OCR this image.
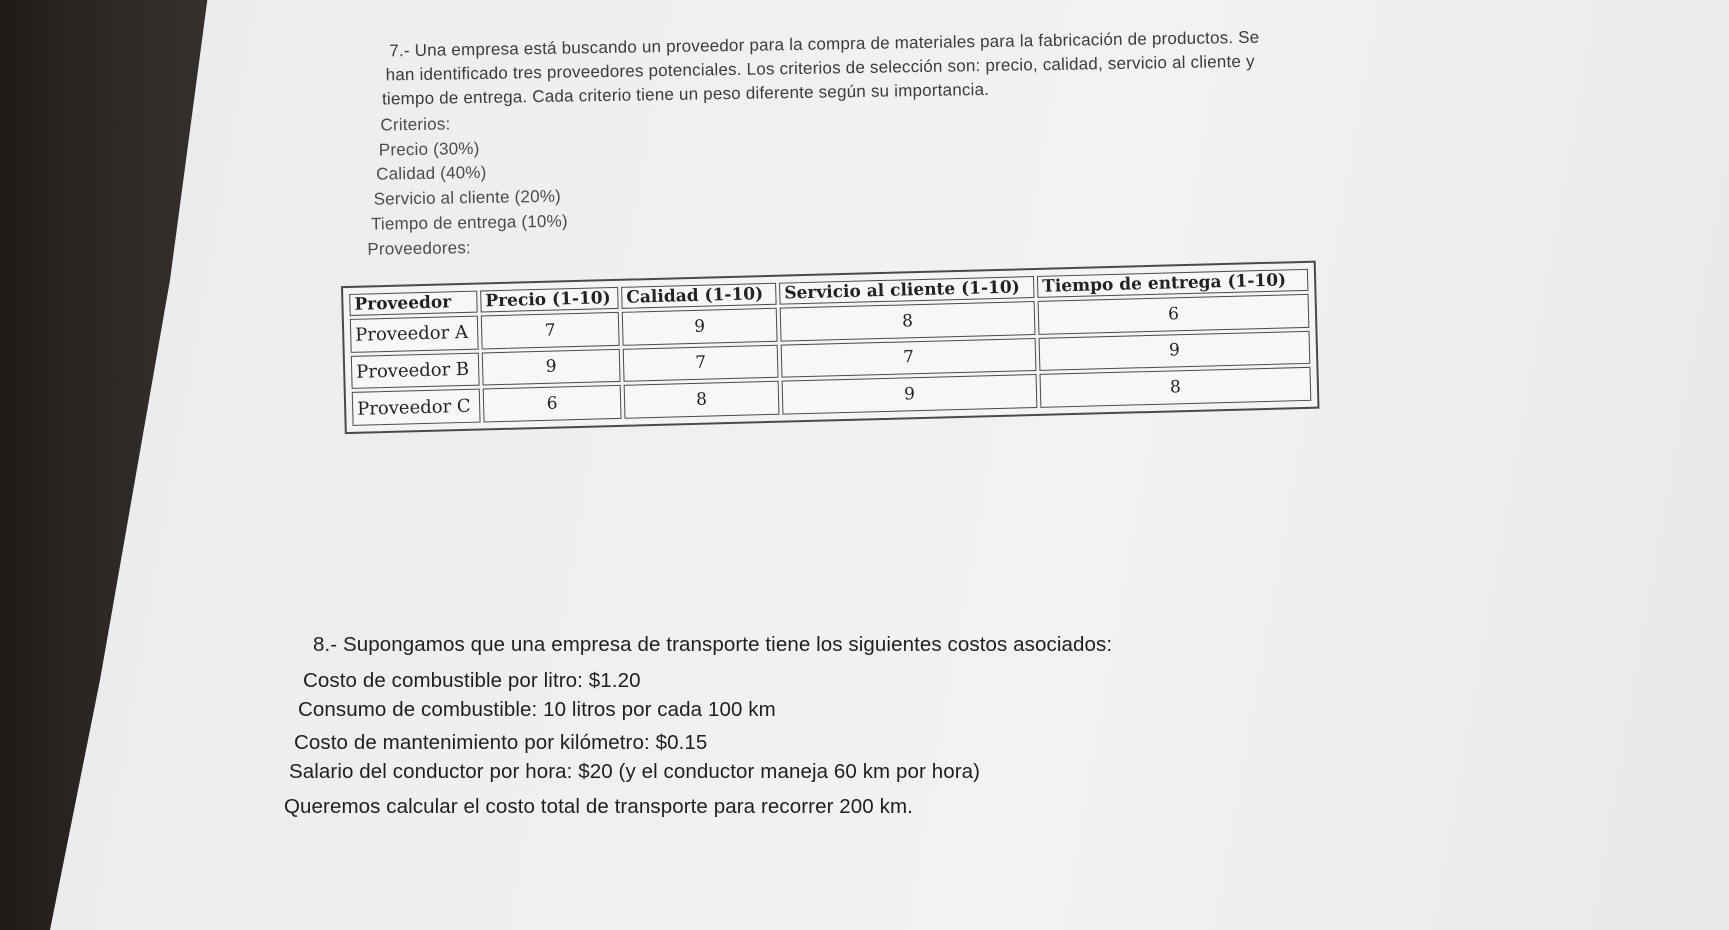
7.- Una empresa está buscando un proveedor para la compra de materiales para la fabricación de productos. Se
han identificado tres proveedores potenciales. Los criterios de selección son: precio, calidad, servicio al cliente y
tiempo de entrega. Cada criterio tiene un peso diferente según su importancia.
Criterios:
Precio (30%)
Calidad (40%)
Servicio al cliente (20%)
Tiempo de entrega (10%)
Proveedores:
Proveedor	Precio (1-10)	Calidad (1-10)	Servicio al cliente (1-10)	Tiempo de entrega (1-10)
Proveedor A	7	9	8	6
Proveedor B	9	7	7	9
Proveedor C	6	8	9	8
8.- Supongamos que una empresa de transporte tiene los siguientes costos asociados:
Costo de combustible por litro: $1.20
Consumo de combustible: 10 litros por cada 100 km
Costo de mantenimiento por kilómetro: $0.15
Salario del conductor por hora: $20 (y el conductor maneja 60 km por hora)
Queremos calcular el costo total de transporte para recorrer 200 km.
